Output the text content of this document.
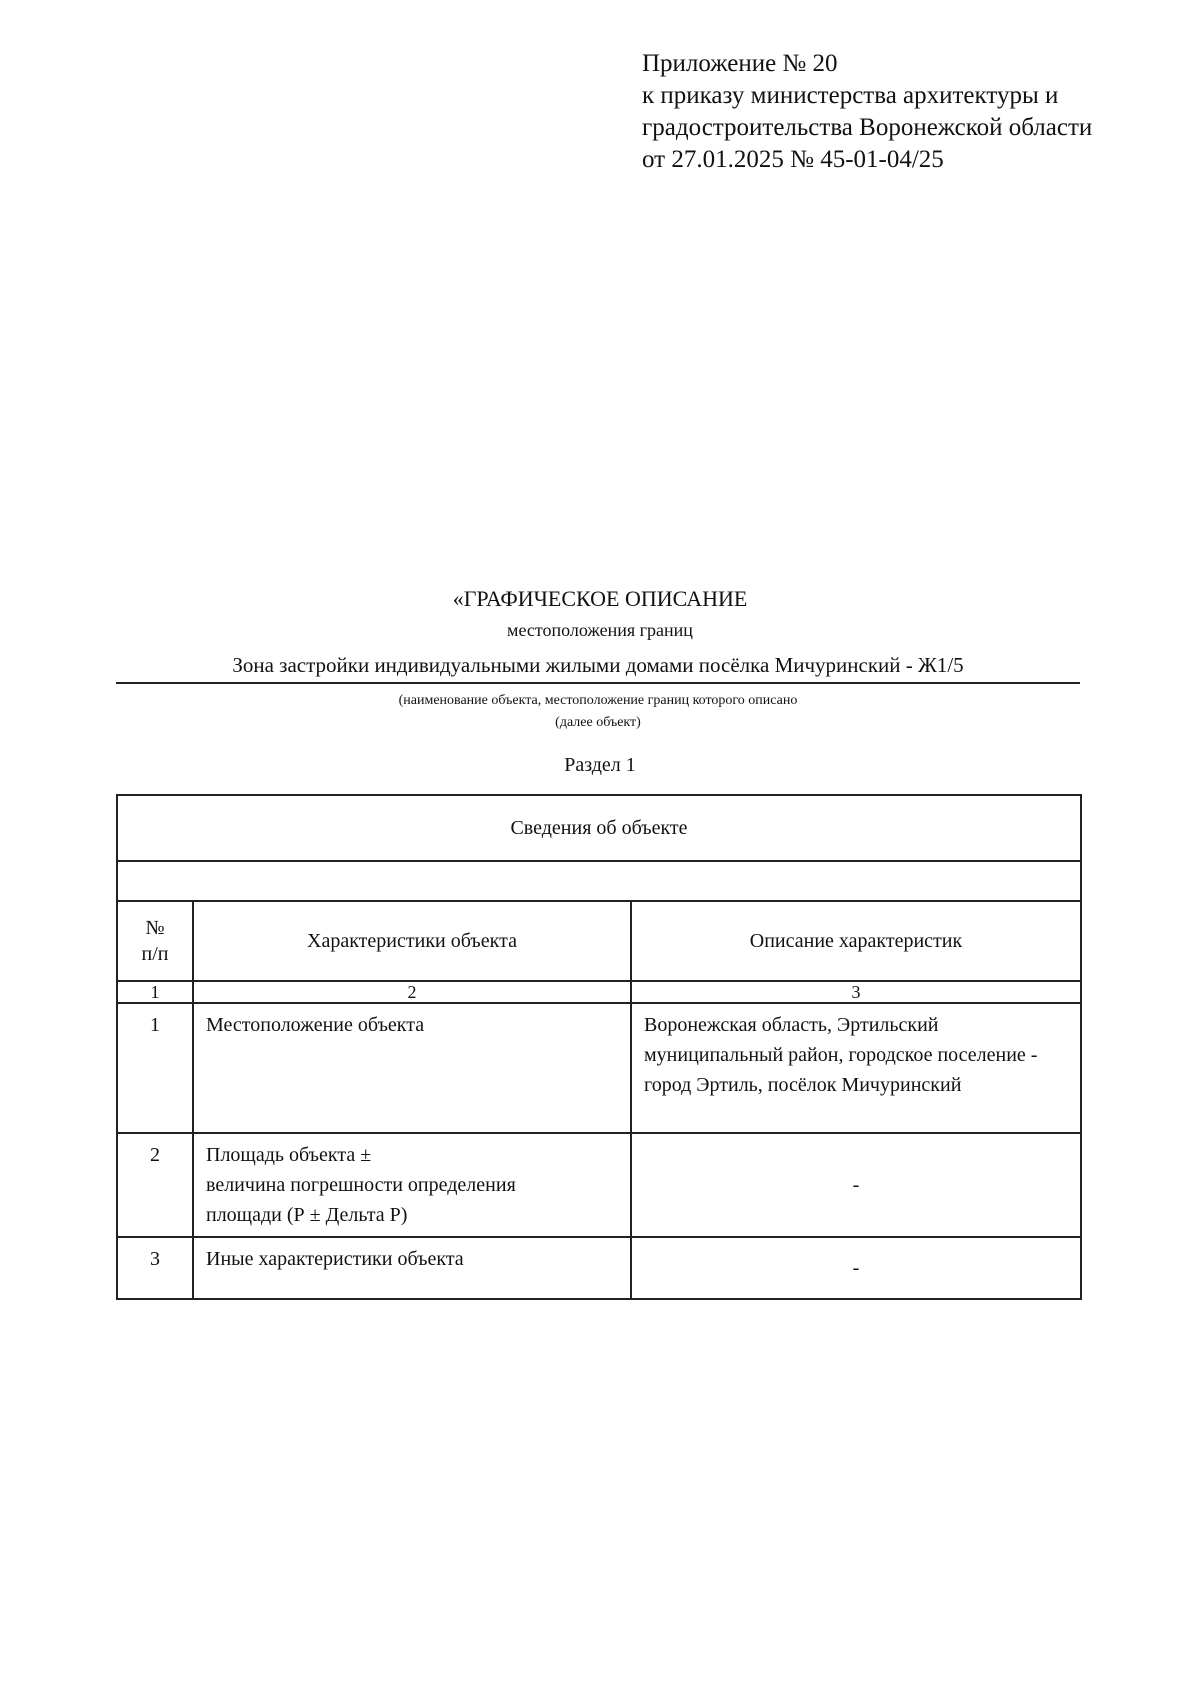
Приложение № 20
к приказу министерства архитектуры и
градостроительства Воронежской области
от 27.01.2025 № 45-01-04/25
«ГРАФИЧЕСКОЕ ОПИСАНИЕ
местоположения границ
Зона застройки индивидуальными жилыми домами посёлка Мичуринский - Ж1/5
(наименование объекта, местоположение границ которого описано
(далее объект)
Раздел 1
Сведения об объекте		

№
п/п	Характеристики объекта	Описание характеристик
1	2	3
1	Местоположение объекта	Воронежская область, Эртильский муниципальный район, городское поселение - город Эртиль, посёлок Мичуринский
2	Площадь объекта ±
величина погрешности определения
площади (Р ± Дельта Р)	-
3	Иные характеристики объекта	-
